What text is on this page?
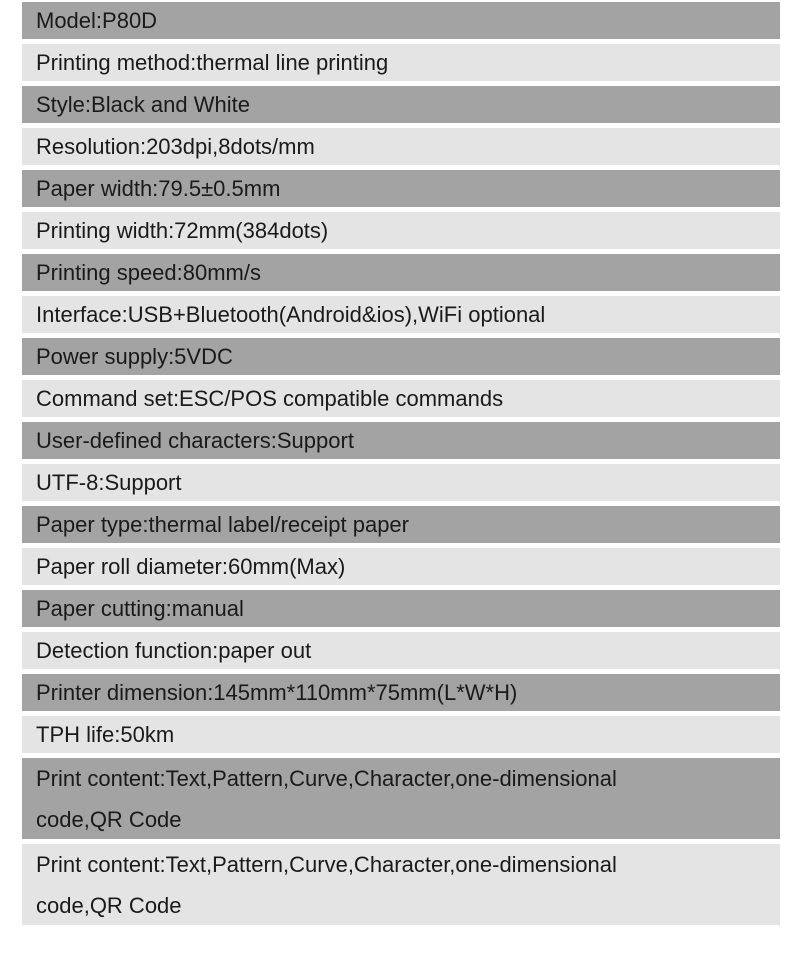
Model:P80D
Printing method:thermal line printing
Style:Black and White
Resolution:203dpi,8dots/mm
Paper width:79.5±0.5mm
Printing width:72mm(384dots)
Printing speed:80mm/s
Interface:USB+Bluetooth(Android&ios),WiFi optional
Power supply:5VDC
Command set:ESC/POS compatible commands
User-defined characters:Support
UTF-8:Support
Paper type:thermal label/receipt paper
Paper roll diameter:60mm(Max)
Paper cutting:manual
Detection function:paper out
Printer dimension:145mm*110mm*75mm(L*W*H)
TPH life:50km
Print content:Text,Pattern,Curve,Character,one-dimensional
code,QR Code
Print content:Text,Pattern,Curve,Character,one-dimensional
code,QR Code
